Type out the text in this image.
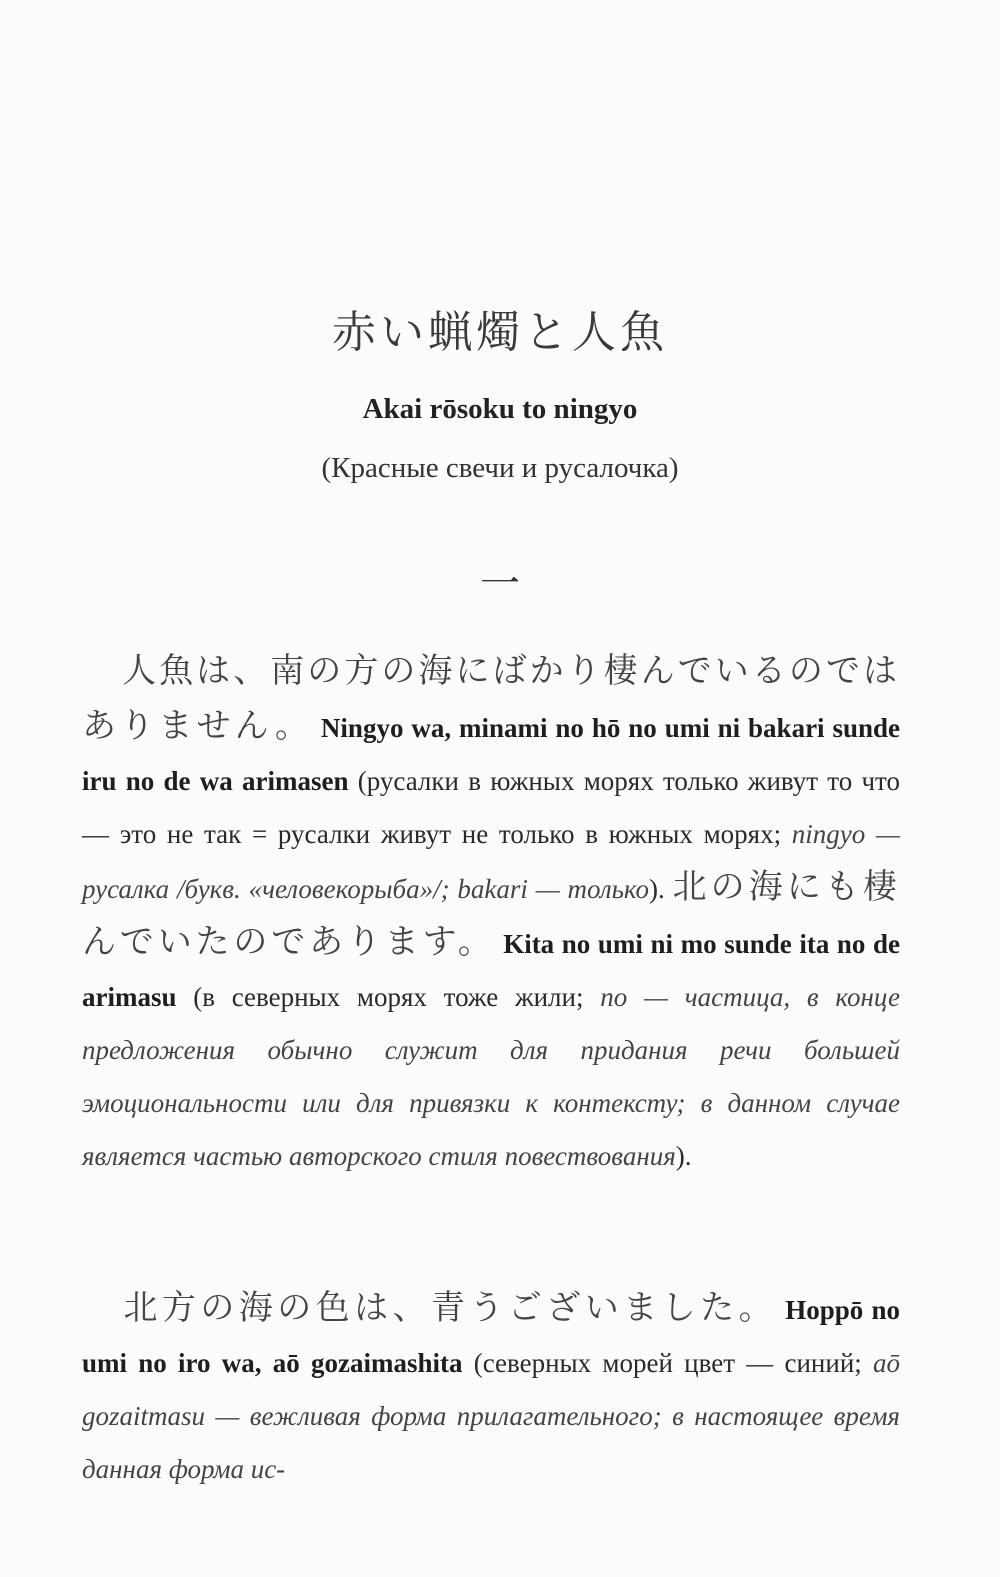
赤い蝋燭と人魚
Akai rōsoku to ningyo
(Красные свечи и русалочка)
一

人魚は、南の方の海にばかり棲んでいるのではありません。 Ningyo wa, minami no hō no umi ni bakari sunde iru no de wa arimasen (русалки в южных морях только живут то что — это не так = русалки живут не только в южных морях; ningyo — русалка /букв. «человекорыба»/; bakari — только). 北の海にも棲んでいたのであります。 Kita no umi ni mo sunde ita no de arimasu (в северных морях тоже жили; no — частица, в конце предложения обычно служит для придания речи большей эмоциональности или для привязки к контексту; в данном случае является частью авторского стиля повествования).

北方の海の色は、青うございました。 Hoppō no umi no iro wa, aō gozaimashita (северных морей цвет — синий; aō gozaitmasu — вежливая форма прилагательного; в настоящее время данная форма ис-
